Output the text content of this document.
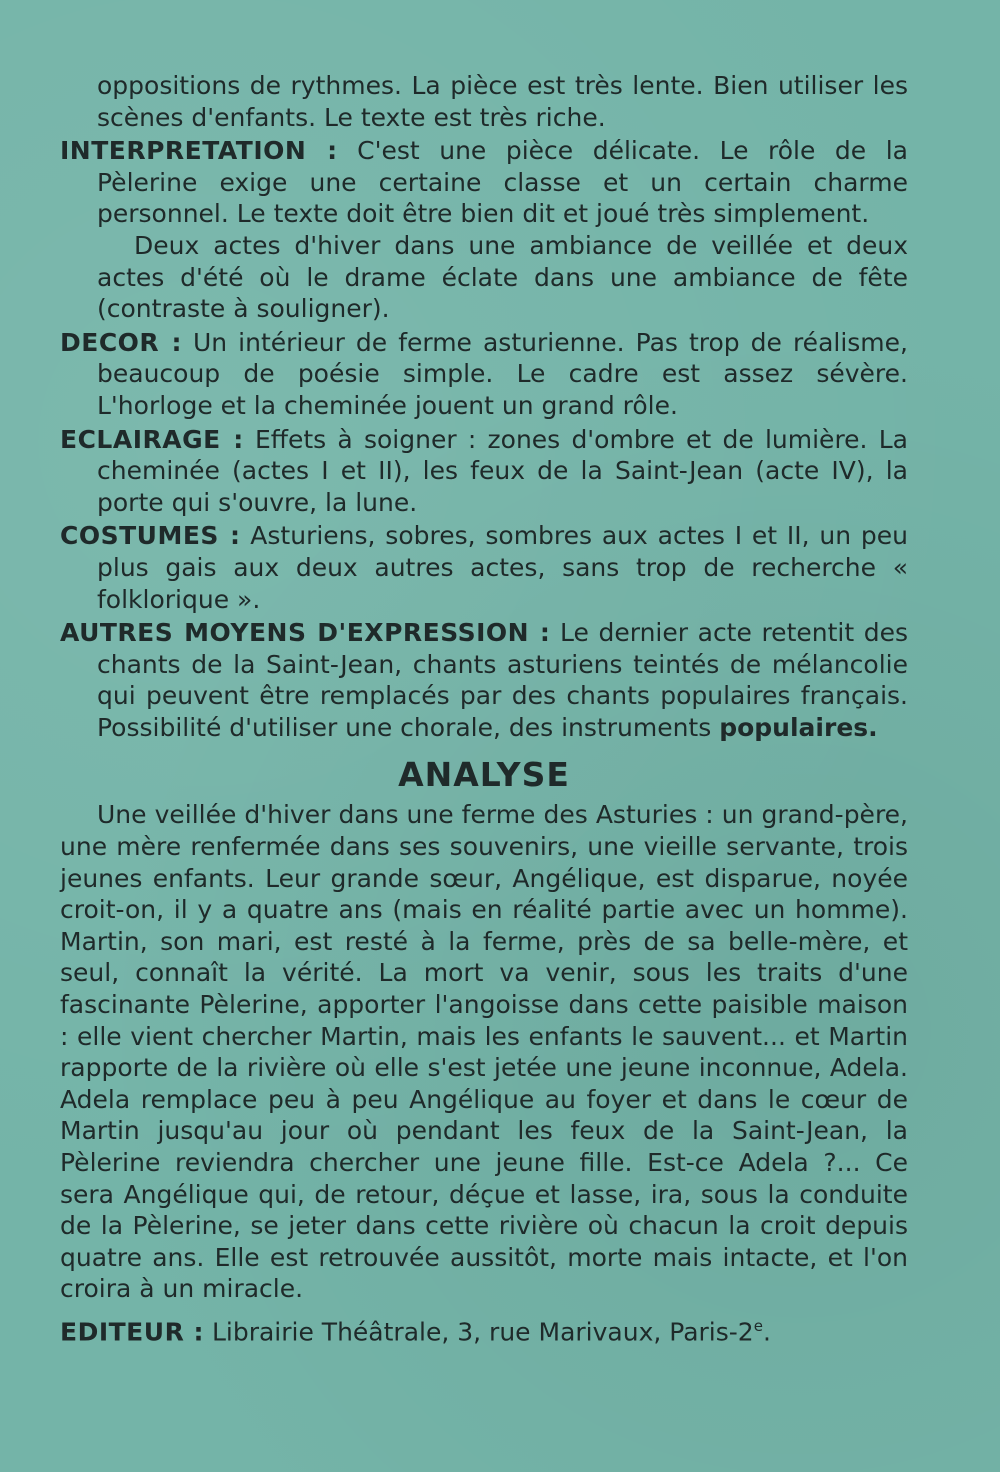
oppositions de rythmes. La pièce est très lente. Bien utiliser les scènes d'enfants. Le texte est très riche.

INTERPRETATION : C'est une pièce délicate. Le rôle de la Pèlerine exige une certaine classe et un certain charme personnel. Le texte doit être bien dit et joué très simplement.

Deux actes d'hiver dans une ambiance de veillée et deux actes d'été où le drame éclate dans une ambiance de fête (contraste à souligner).

DECOR : Un intérieur de ferme asturienne. Pas trop de réalisme, beaucoup de poésie simple. Le cadre est assez sévère. L'horloge et la cheminée jouent un grand rôle.

ECLAIRAGE : Effets à soigner : zones d'ombre et de lumière. La cheminée (actes I et II), les feux de la Saint-Jean (acte IV), la porte qui s'ouvre, la lune.

COSTUMES : Asturiens, sobres, sombres aux actes I et II, un peu plus gais aux deux autres actes, sans trop de recherche « folklorique ».

AUTRES MOYENS D'EXPRESSION : Le dernier acte retentit des chants de la Saint-Jean, chants asturiens teintés de mélancolie qui peuvent être remplacés par des chants populaires français. Possibilité d'utiliser une chorale, des instruments populaires.

ANALYSE

Une veillée d'hiver dans une ferme des Asturies : un grand-père, une mère renfermée dans ses souvenirs, une vieille servante, trois jeunes enfants. Leur grande sœur, Angélique, est disparue, noyée croit-on, il y a quatre ans (mais en réalité partie avec un homme). Martin, son mari, est resté à la ferme, près de sa belle-mère, et seul, connaît la vérité. La mort va venir, sous les traits d'une fascinante Pèlerine, apporter l'angoisse dans cette paisible maison : elle vient chercher Martin, mais les enfants le sauvent... et Martin rapporte de la rivière où elle s'est jetée une jeune inconnue, Adela. Adela remplace peu à peu Angélique au foyer et dans le cœur de Martin jusqu'au jour où pendant les feux de la Saint-Jean, la Pèlerine reviendra chercher une jeune fille. Est-ce Adela ?... Ce sera Angélique qui, de retour, déçue et lasse, ira, sous la conduite de la Pèlerine, se jeter dans cette rivière où chacun la croit depuis quatre ans. Elle est retrouvée aussitôt, morte mais intacte, et l'on croira à un miracle.

EDITEUR : Librairie Théâtrale, 3, rue Marivaux, Paris-2e.
